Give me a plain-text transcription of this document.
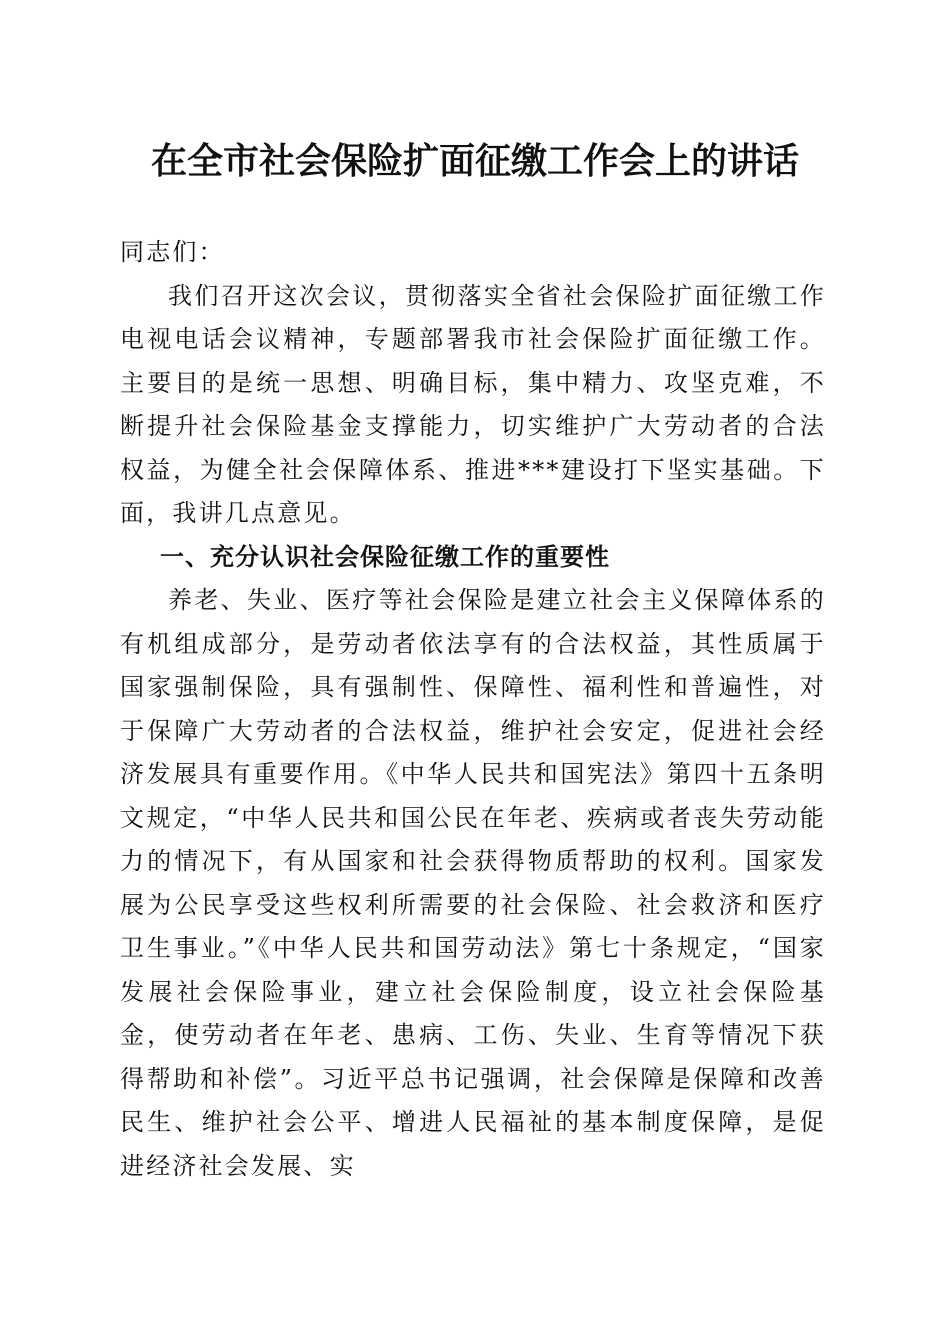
在全市社会保险扩面征缴工作会上的讲话

同志们：

我们召开这次会议，贯彻落实全省社会保险扩面征缴工作电视电话会议精神，专题部署我市社会保险扩面征缴工作。主要目的是统一思想、明确目标，集中精力、攻坚克难，不断提升社会保险基金支撑能力，切实维护广大劳动者的合法权益，为健全社会保障体系、推进***建设打下坚实基础。下面，我讲几点意见。

一、充分认识社会保险征缴工作的重要性

养老、失业、医疗等社会保险是建立社会主义保障体系的有机组成部分，是劳动者依法享有的合法权益，其性质属于国家强制保险，具有强制性、保障性、福利性和普遍性，对于保障广大劳动者的合法权益，维护社会安定，促进社会经济发展具有重要作用。《中华人民共和国宪法》第四十五条明文规定，“中华人民共和国公民在年老、疾病或者丧失劳动能力的情况下，有从国家和社会获得物质帮助的权利。国家发展为公民享受这些权利所需要的社会保险、社会救济和医疗卫生事业。”《中华人民共和国劳动法》第七十条规定，“国家发展社会保险事业，建立社会保险制度，设立社会保险基金，使劳动者在年老、患病、工伤、失业、生育等情况下获得帮助和补偿”。习近平总书记强调，社会保障是保障和改善民生、维护社会公平、增进人民福祉的基本制度保障，是促进经济社会发展、实
